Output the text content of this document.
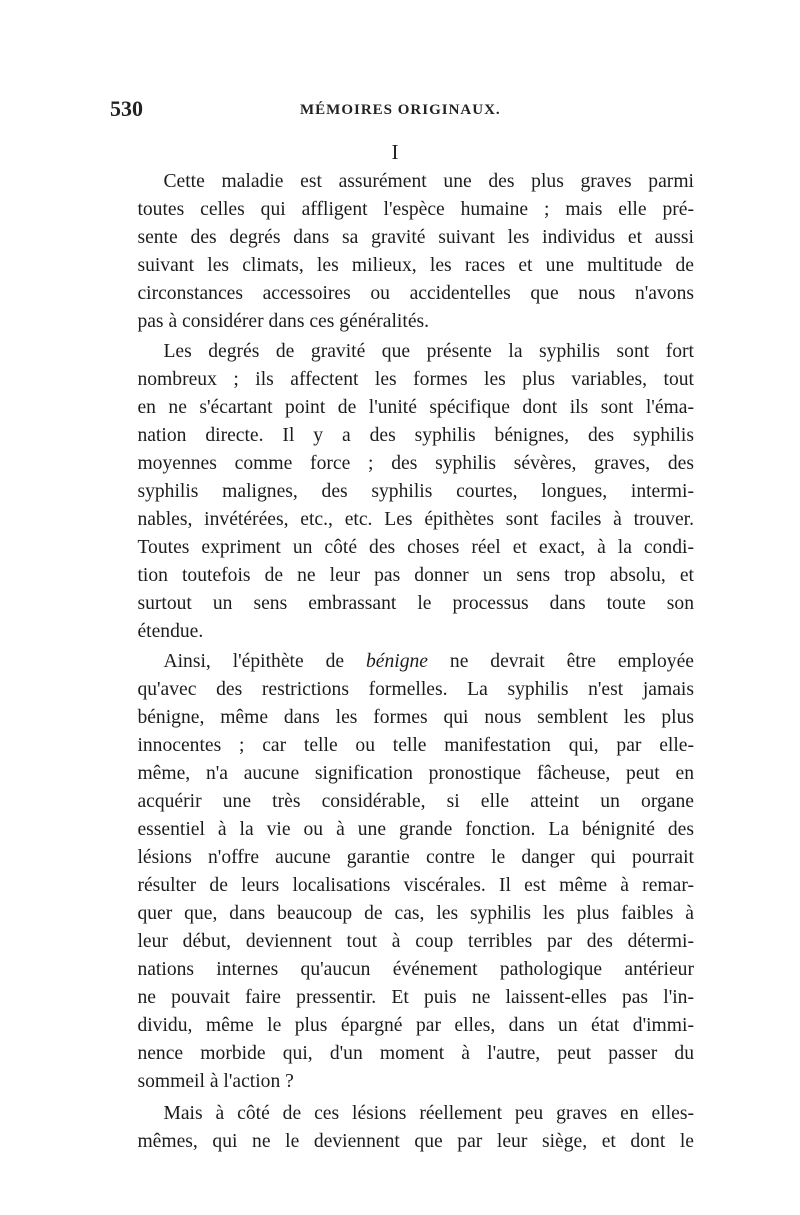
530	MÉMOIRES ORIGINAUX.
I

Cette maladie est assurément une des plus graves parmi
toutes celles qui affligent l'espèce humaine ; mais elle pré-
sente des degrés dans sa gravité suivant les individus et aussi
suivant les climats, les milieux, les races et une multitude de
circonstances accessoires ou accidentelles que nous n'avons
pas à considérer dans ces généralités.

Les degrés de gravité que présente la syphilis sont fort
nombreux ; ils affectent les formes les plus variables, tout
en ne s'écartant point de l'unité spécifique dont ils sont l'éma-
nation directe. Il y a des syphilis bénignes, des syphilis
moyennes comme force ; des syphilis sévères, graves, des
syphilis malignes, des syphilis courtes, longues, intermi-
nables, invétérées, etc., etc. Les épithètes sont faciles à trouver.
Toutes expriment un côté des choses réel et exact, à la condi-
tion toutefois de ne leur pas donner un sens trop absolu, et
surtout un sens embrassant le processus dans toute son
étendue.

Ainsi, l'épithète de bénigne ne devrait être employée
qu'avec des restrictions formelles. La syphilis n'est jamais
bénigne, même dans les formes qui nous semblent les plus
innocentes ; car telle ou telle manifestation qui, par elle-
même, n'a aucune signification pronostique fâcheuse, peut en
acquérir une très considérable, si elle atteint un organe
essentiel à la vie ou à une grande fonction. La bénignité des
lésions n'offre aucune garantie contre le danger qui pourrait
résulter de leurs localisations viscérales. Il est même à remar-
quer que, dans beaucoup de cas, les syphilis les plus faibles à
leur début, deviennent tout à coup terribles par des détermi-
nations internes qu'aucun événement pathologique antérieur
ne pouvait faire pressentir. Et puis ne laissent-elles pas l'in-
dividu, même le plus épargné par elles, dans un état d'immi-
nence morbide qui, d'un moment à l'autre, peut passer du
sommeil à l'action ?

Mais à côté de ces lésions réellement peu graves en elles-
mêmes, qui ne le deviennent que par leur siège, et dont le
